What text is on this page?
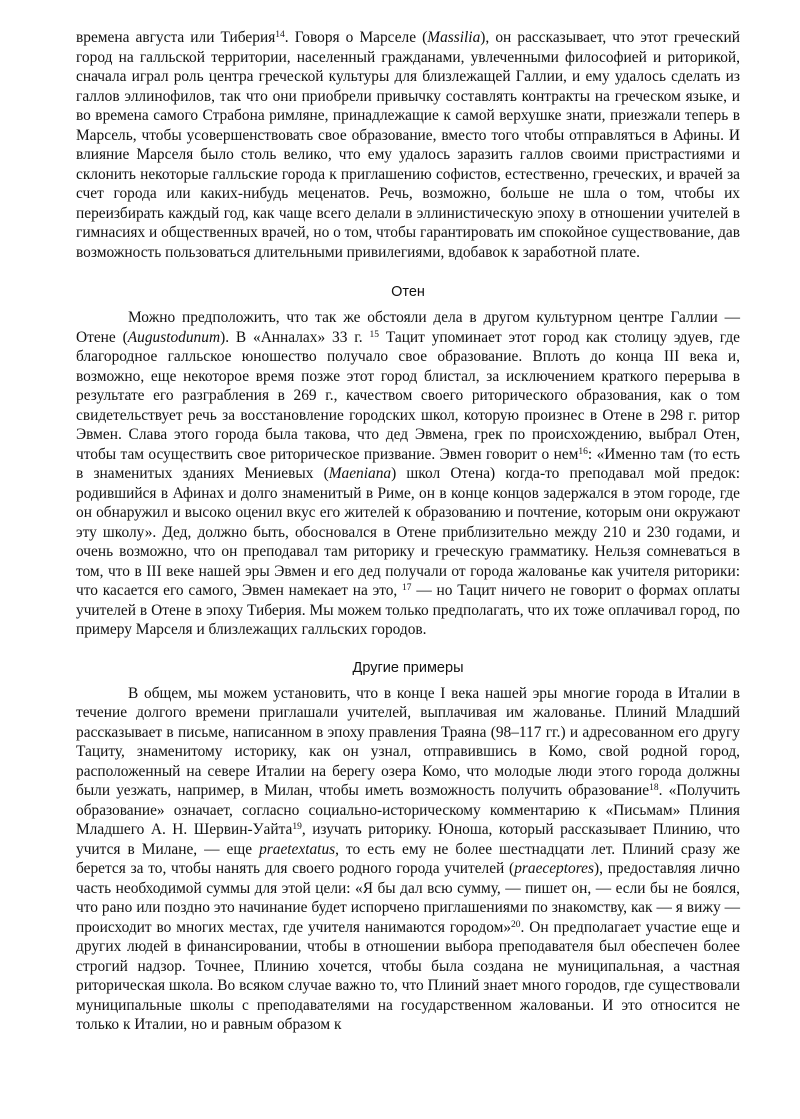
времена августа или Тиберия$^{14}$. Говоря о Марселе (Massilia), он рассказывает, что этот греческий город на галльской территории, населенный гражданами, увлеченными философией и риторикой, сначала играл роль центра греческой культуры для близлежащей Галлии, и ему удалось сделать из галлов эллинофилов, так что они приобрели привычку составлять контракты на греческом языке, и во времена самого Страбона римляне, принадлежащие к самой верхушке знати, приезжали теперь в Марсель, чтобы усовершенствовать свое образование, вместо того чтобы отправляться в Афины. И влияние Марселя было столь велико, что ему удалось заразить галлов своими пристрастиями и склонить некоторые галльские города к приглашению софистов, естественно, греческих, и врачей за счет города или каких-нибудь меценатов. Речь, возможно, больше не шла о том, чтобы их переизбирать каждый год, как чаще всего делали в эллинистическую эпоху в отношении учителей в гимнасиях и общественных врачей, но о том, чтобы гарантировать им спокойное существование, дав возможность пользоваться длительными привилегиями, вдобавок к заработной плате.

Отен

Можно предположить, что так же обстояли дела в другом культурном центре Галлии — Отене (Augustodunum). В «Анналах» 33 г. $^{15}$ Тацит упоминает этот город как столицу эдуев, где благородное галльское юношество получало свое образование. Вплоть до конца III века и, возможно, еще некоторое время позже этот город блистал, за исключением краткого перерыва в результате его разграбления в 269 г., качеством своего риторического образования, как о том свидетельствует речь за восстановление городских школ, которую произнес в Отене в 298 г. ритор Эвмен. Слава этого города была такова, что дед Эвмена, грек по происхождению, выбрал Отен, чтобы там осуществить свое риторическое призвание. Эвмен говорит о нем$^{16}$: «Именно там (то есть в знаменитых зданиях Мениевых (Maeniana) школ Отена) когда-то преподавал мой предок: родившийся в Афинах и долго знаменитый в Риме, он в конце концов задержался в этом городе, где он обнаружил и высоко оценил вкус его жителей к образованию и почтение, которым они окружают эту школу». Дед, должно быть, обосновался в Отене приблизительно между 210 и 230 годами, и очень возможно, что он преподавал там риторику и греческую грамматику. Нельзя сомневаться в том, что в III веке нашей эры Эвмен и его дед получали от города жалованье как учителя риторики: что касается его самого, Эвмен намекает на это, $^{17}$ — но Тацит ничего не говорит о формах оплаты учителей в Отене в эпоху Тиберия. Мы можем только предполагать, что их тоже оплачивал город, по примеру Марселя и близлежащих галльских городов.

Другие примеры

В общем, мы можем установить, что в конце I века нашей эры многие города в Италии в течение долгого времени приглашали учителей, выплачивая им жалованье. Плиний Младший рассказывает в письме, написанном в эпоху правления Траяна (98–117 гг.) и адресованном его другу Тациту, знаменитому историку, как он узнал, отправившись в Комо, свой родной город, расположенный на севере Италии на берегу озера Комо, что молодые люди этого города должны были уезжать, например, в Милан, чтобы иметь возможность получить образование$^{18}$. «Получить образование» означает, согласно социально-историческому комментарию к «Письмам» Плиния Младшего А. Н. Шервин-Уайта$^{19}$, изучать риторику. Юноша, который рассказывает Плинию, что учится в Милане, — еще praetextatus, то есть ему не более шестнадцати лет. Плиний сразу же берется за то, чтобы нанять для своего родного города учителей (praeceptores), предоставляя лично часть необходимой суммы для этой цели: «Я бы дал всю сумму, — пишет он, — если бы не боялся, что рано или поздно это начинание будет испорчено приглашениями по знакомству, как — я вижу — происходит во многих местах, где учителя нанимаются городом»$^{20}$. Он предполагает участие еще и других людей в финансировании, чтобы в отношении выбора преподавателя был обеспечен более строгий надзор. Точнее, Плинию хочется, чтобы была создана не муниципальная, а частная риторическая школа. Во всяком случае важно то, что Плиний знает много городов, где существовали муниципальные школы с преподавателями на государственном жалованьи. И это относится не только к Италии, но и равным образом к
